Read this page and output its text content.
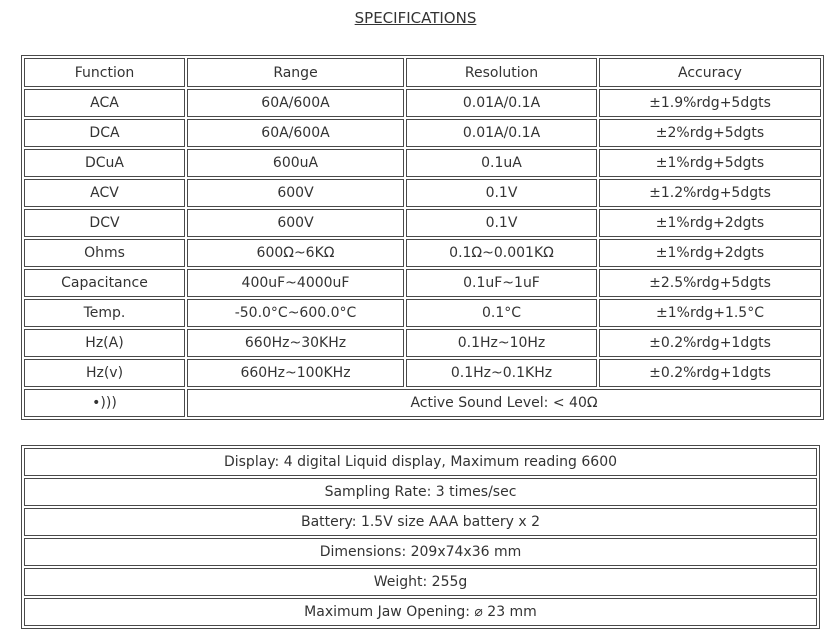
SPECIFICATIONS
Function	Range	Resolution	Accuracy
ACA	60A/600A	0.01A/0.1A	±1.9%rdg+5dgts
DCA	60A/600A	0.01A/0.1A	±2%rdg+5dgts
DCuA	600uA	0.1uA	±1%rdg+5dgts
ACV	600V	0.1V	±1.2%rdg+5dgts
DCV	600V	0.1V	±1%rdg+2dgts
Ohms	600Ω~6KΩ	0.1Ω~0.001KΩ	±1%rdg+2dgts
Capacitance	400uF~4000uF	0.1uF~1uF	±2.5%rdg+5dgts
Temp.	-50.0°C~600.0°C	0.1°C	±1%rdg+1.5°C
Hz(A)	660Hz~30KHz	0.1Hz~10Hz	±0.2%rdg+1dgts
Hz(v)	660Hz~100KHz	0.1Hz~0.1KHz	±0.2%rdg+1dgts
•)))	Active Sound Level: < 40Ω		
Display: 4 digital Liquid display, Maximum reading 6600
Sampling Rate: 3 times/sec
Battery: 1.5V size AAA battery x 2
Dimensions: 209x74x36 mm
Weight: 255g
Maximum Jaw Opening: ⌀ 23 mm
